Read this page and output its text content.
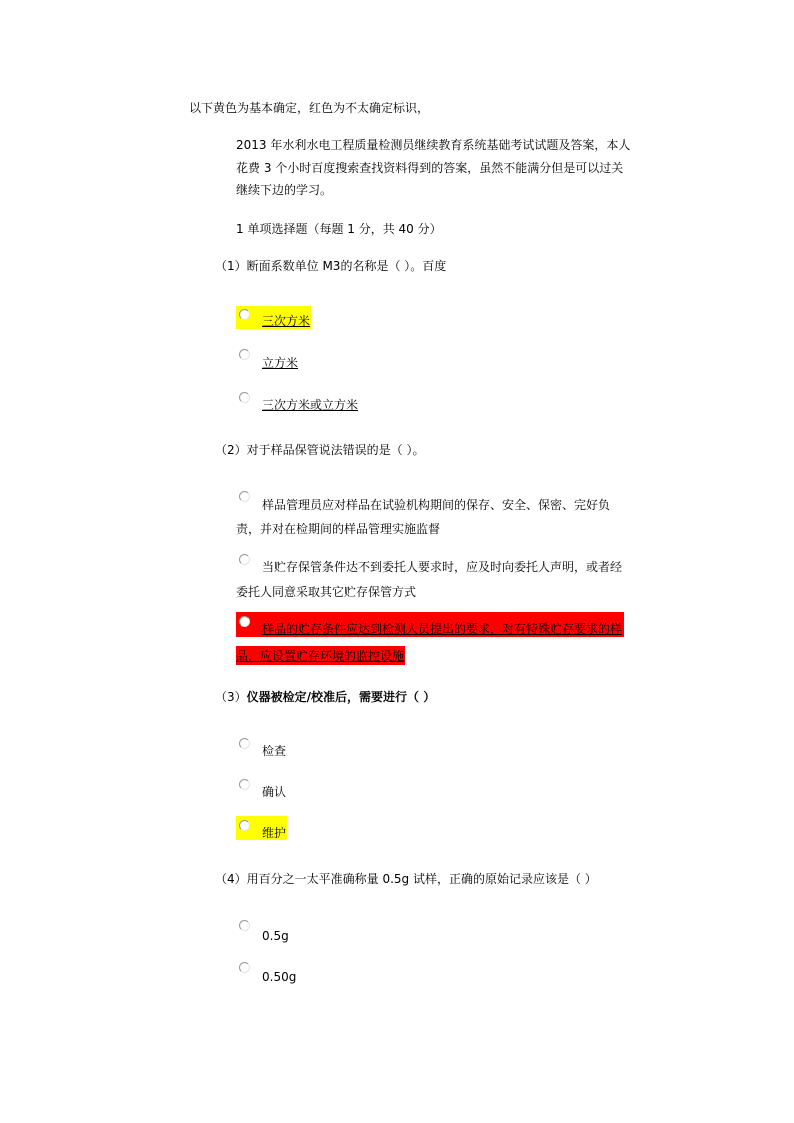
以下黄色为基本确定，红色为不太确定标识，
2013 年水利水电工程质量检测员继续教育系统基础考试试题及答案，本人
花费 3 个小时百度搜索查找资料得到的答案，虽然不能满分但是可以过关
继续下边的学习。
1 单项选择题（每题 1 分，共 40 分）
（1）断面系数单位 M3的名称是（ ）。百度
三次方米
立方米
三次方米或立方米
（2）对于样品保管说法错误的是（ ）。
样品管理员应对样品在试验机构期间的保存、安全、保密、完好负
责，并对在检期间的样品管理实施监督
当贮存保管条件达不到委托人要求时，应及时向委托人声明，或者经
委托人同意采取其它贮存保管方式
样品的贮存条件应达到检测人员提出的要求，对有特殊贮存要求的样
品，应设置贮存环境的监控设施
（3）仪器被检定/校准后，需要进行（ ）
检查
确认
维护
（4）用百分之一太平准确称量 0.5g 试样，正确的原始记录应该是（ ）
0.5g
0.50g
